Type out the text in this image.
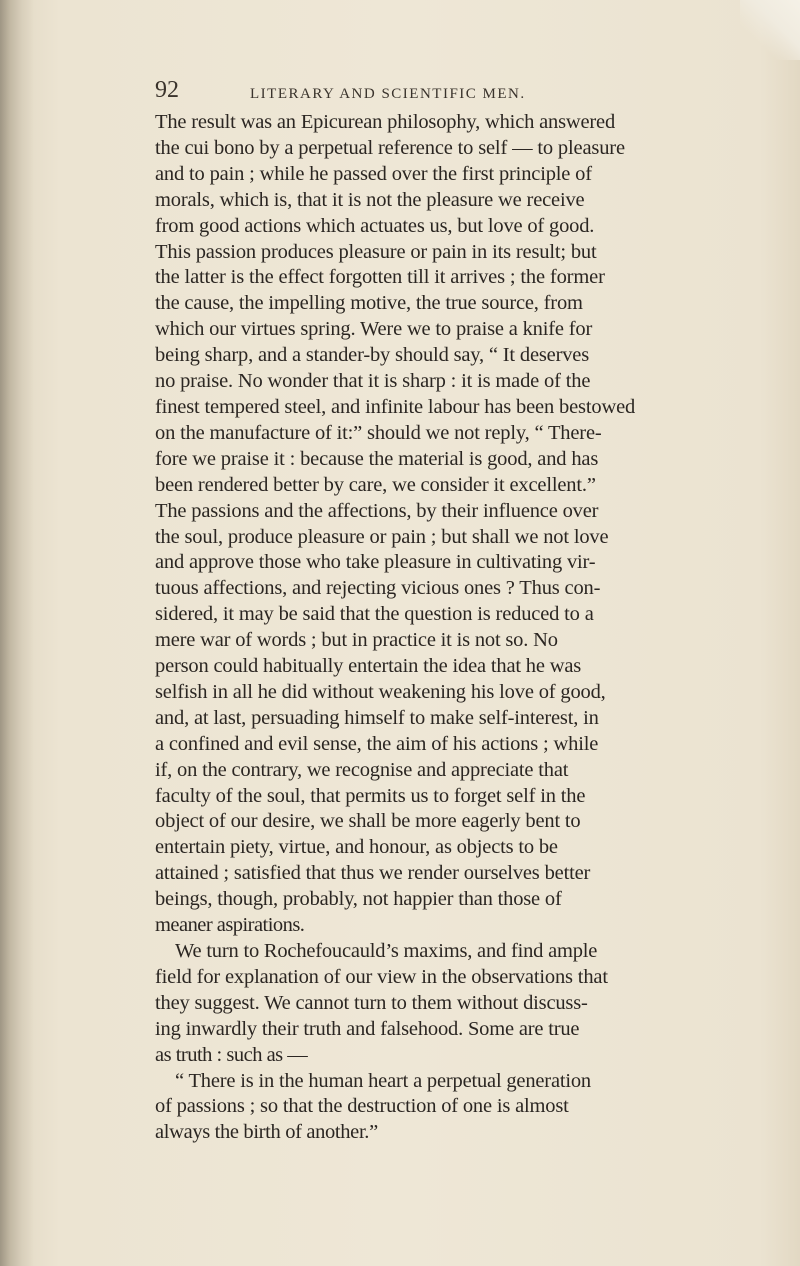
92	LITERARY AND SCIENTIFIC MEN.
The result was an Epicurean philosophy, which answered
the cui bono by a perpetual reference to self — to pleasure
and to pain ; while he passed over the first principle of
morals, which is, that it is not the pleasure we receive
from good actions which actuates us, but love of good.
This passion produces pleasure or pain in its result; but
the latter is the effect forgotten till it arrives ; the former
the cause, the impelling motive, the true source, from
which our virtues spring. Were we to praise a knife for
being sharp, and a stander-by should say, “ It deserves
no praise. No wonder that it is sharp : it is made of the
finest tempered steel, and infinite labour has been bestowed
on the manufacture of it:” should we not reply, “ There-
fore we praise it : because the material is good, and has
been rendered better by care, we consider it excellent.”
The passions and the affections, by their influence over
the soul, produce pleasure or pain ; but shall we not love
and approve those who take pleasure in cultivating vir-
tuous affections, and rejecting vicious ones ? Thus con-
sidered, it may be said that the question is reduced to a
mere war of words ; but in practice it is not so. No
person could habitually entertain the idea that he was
selfish in all he did without weakening his love of good,
and, at last, persuading himself to make self-interest, in
a confined and evil sense, the aim of his actions ; while
if, on the contrary, we recognise and appreciate that
faculty of the soul, that permits us to forget self in the
object of our desire, we shall be more eagerly bent to
entertain piety, virtue, and honour, as objects to be
attained ; satisfied that thus we render ourselves better
beings, though, probably, not happier than those of
meaner aspirations.
We turn to Rochefoucauld’s maxims, and find ample
field for explanation of our view in the observations that
they suggest. We cannot turn to them without discuss-
ing inwardly their truth and falsehood. Some are true
as truth : such as —
“ There is in the human heart a perpetual generation
of passions ; so that the destruction of one is almost
always the birth of another.”
